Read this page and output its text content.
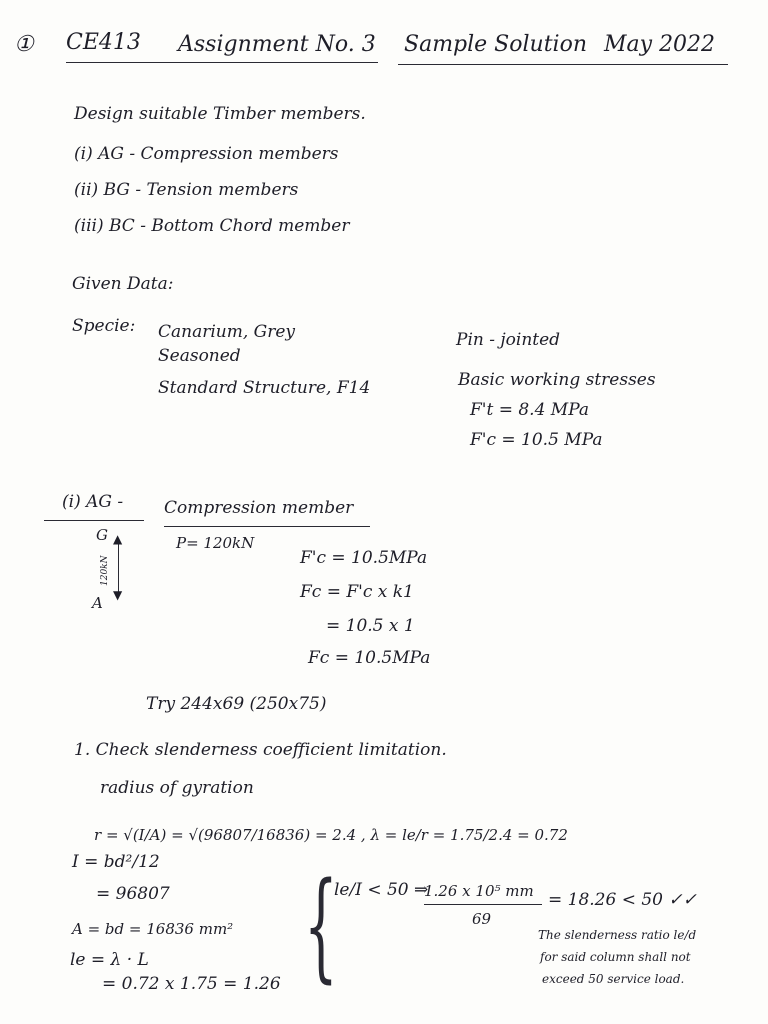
① CE413 Assignment No. 3 Sample Solution May 2022
Design suitable Timber members.
(i) AG - Compression members
(ii) BG - Tension members
(iii) BC - Bottom Chord member
Given Data:
Specie: Canarium, Grey
Seasoned
Standard Structure, F14
Pin - jointed
Basic working stresses
F't = 8.4 MPa
F'c = 10.5 MPa
(i) AG - Compression member
G
A
120kN
▲
▼
P= 120kN
F'c = 10.5MPa
Fc = F'c x k1
= 10.5 x 1
Fc = 10.5MPa
Try 244x69 (250x75)
1. Check slenderness coefficient limitation.
radius of gyration
r = √(I/A) = √(96807/16836) = 2.4 , λ = le/r = 1.75/2.4 = 0.72
I = bd²/12
= 96807
A = bd = 16836 mm²
le = λ · L
= 0.72 x 1.75 = 1.26 {
le/I < 50 ⇒
1.26 x 10⁵ mm
69
= 18.26 < 50 ✓✓
The slenderness ratio le/d
for said column shall not
exceed 50 service load.
